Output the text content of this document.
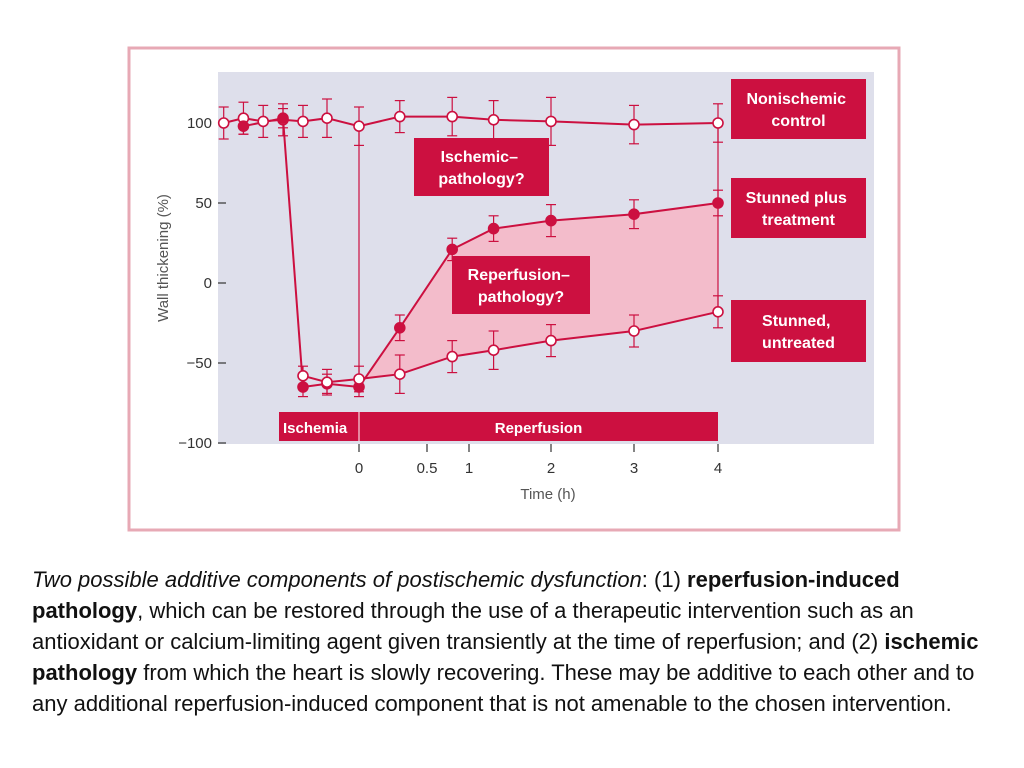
100
50
0
−50
−100
Ischemia	Reperfusion
0	0.5 1	2	3	4
Wall thickening (%)
Time (h)
Nonischemic control
Stunned plus treatment
Stunned, untreated
Ischemic– pathology?
Reperfusion– pathology?
Two possible additive components of postischemic dysfunction: (1) reperfusion-induced pathology, which can be restored through the use of a therapeutic intervention such as an antioxidant or calcium-limiting agent given transiently at the time of reperfusion; and (2) ischemic pathology from which the heart is slowly recovering. These may be additive to each other and to any additional reperfusion-induced component that is not amenable to the chosen intervention.
